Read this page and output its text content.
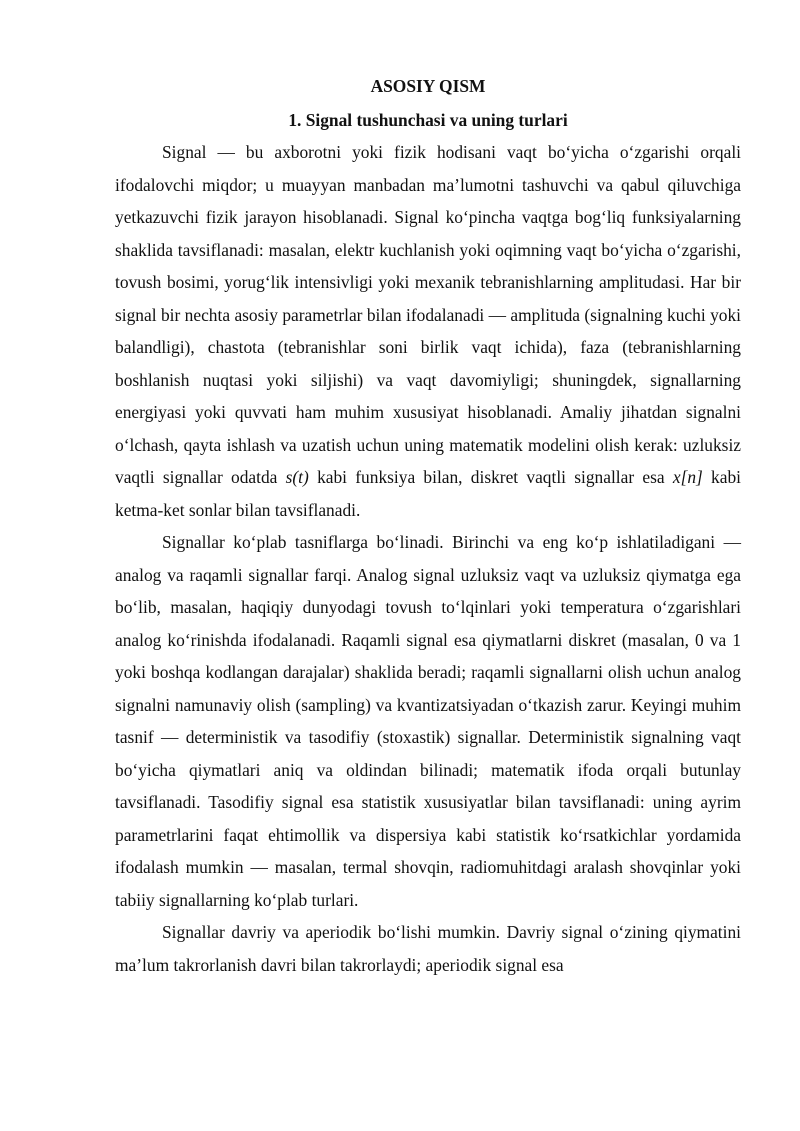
ASOSIY QISM
1. Signal tushunchasi va uning turlari

Signal — bu axborotni yoki fizik hodisani vaqt bo‘yicha o‘zgarishi orqali ifodalovchi miqdor; u muayyan manbadan ma’lumotni tashuvchi va qabul qiluvchiga yetkazuvchi fizik jarayon hisoblanadi. Signal ko‘pincha vaqtga bog‘liq funksiyalarning shaklida tavsiflanadi: masalan, elektr kuchlanish yoki oqimning vaqt bo‘yicha o‘zgarishi, tovush bosimi, yorug‘lik intensivligi yoki mexanik tebranishlarning amplitudasi. Har bir signal bir nechta asosiy parametrlar bilan ifodalanadi — amplituda (signalning kuchi yoki balandligi), chastota (tebranishlar soni birlik vaqt ichida), faza (tebranishlarning boshlanish nuqtasi yoki siljishi) va vaqt davomiyligi; shuningdek, signallarning energiyasi yoki quvvati ham muhim xususiyat hisoblanadi. Amaliy jihatdan signalni o‘lchash, qayta ishlash va uzatish uchun uning matematik modelini olish kerak: uzluksiz vaqtli signallar odatda s(t) kabi funksiya bilan, diskret vaqtli signallar esa x[n] kabi ketma-ket sonlar bilan tavsiflanadi.

Signallar ko‘plab tasniflarga bo‘linadi. Birinchi va eng ko‘p ishlatiladigani — analog va raqamli signallar farqi. Analog signal uzluksiz vaqt va uzluksiz qiymatga ega bo‘lib, masalan, haqiqiy dunyodagi tovush to‘lqinlari yoki temperatura o‘zgarishlari analog ko‘rinishda ifodalanadi. Raqamli signal esa qiymatlarni diskret (masalan, 0 va 1 yoki boshqa kodlangan darajalar) shaklida beradi; raqamli signallarni olish uchun analog signalni namunaviy olish (sampling) va kvantizatsiyadan o‘tkazish zarur. Keyingi muhim tasnif — deterministik va tasodifiy (stoxastik) signallar. Deterministik signalning vaqt bo‘yicha qiymatlari aniq va oldindan bilinadi; matematik ifoda orqali butunlay tavsiflanadi. Tasodifiy signal esa statistik xususiyatlar bilan tavsiflanadi: uning ayrim parametrlarini faqat ehtimollik va dispersiya kabi statistik ko‘rsatkichlar yordamida ifodalash mumkin — masalan, termal shovqin, radiomuhitdagi aralash shovqinlar yoki tabiiy signallarning ko‘plab turlari.

Signallar davriy va aperiodik bo‘lishi mumkin. Davriy signal o‘zining qiymatini ma’lum takrorlanish davri bilan takrorlaydi; aperiodik signal esa
